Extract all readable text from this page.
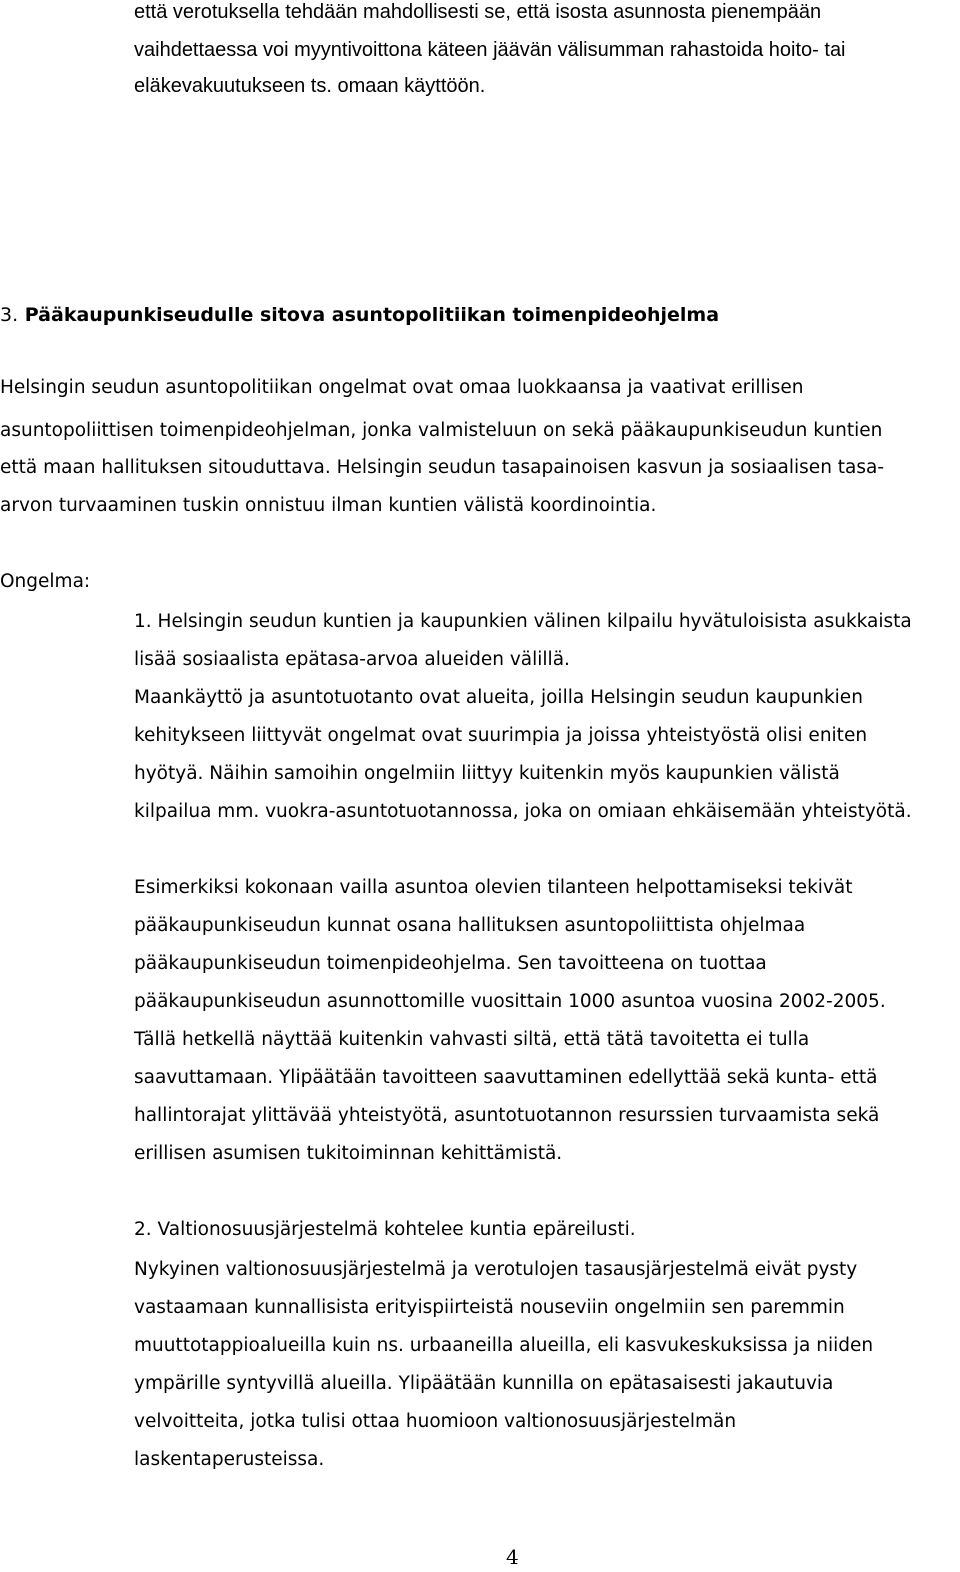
että verotuksella tehdään mahdollisesti se, että isosta asunnosta pienempään

vaihdettaessa voi myyntivoittona käteen jäävän välisumman rahastoida hoito- tai

eläkevakuutukseen ts. omaan käyttöön.

3. Pääkaupunkiseudulle sitova asuntopolitiikan toimenpideohjelma

Helsingin seudun asuntopolitiikan ongelmat ovat omaa luokkaansa ja vaativat erillisen

asuntopoliittisen toimenpideohjelman, jonka valmisteluun on sekä pääkaupunkiseudun kuntien

että maan hallituksen sitouduttava. Helsingin seudun tasapainoisen kasvun ja sosiaalisen tasa-

arvon turvaaminen tuskin onnistuu ilman kuntien välistä koordinointia.

Ongelma:

1. Helsingin seudun kuntien ja kaupunkien välinen kilpailu hyvätuloisista asukkaista

lisää sosiaalista epätasa-arvoa alueiden välillä.

Maankäyttö ja asuntotuotanto ovat alueita, joilla Helsingin seudun kaupunkien

kehitykseen liittyvät ongelmat ovat suurimpia ja joissa yhteistyöstä olisi eniten

hyötyä. Näihin samoihin ongelmiin liittyy kuitenkin myös kaupunkien välistä

kilpailua mm. vuokra-asuntotuotannossa, joka on omiaan ehkäisemään yhteistyötä.

Esimerkiksi kokonaan vailla asuntoa olevien tilanteen helpottamiseksi tekivät

pääkaupunkiseudun kunnat osana hallituksen asuntopoliittista ohjelmaa

pääkaupunkiseudun toimenpideohjelma. Sen tavoitteena on tuottaa

pääkaupunkiseudun asunnottomille vuosittain 1000 asuntoa vuosina 2002-2005.

Tällä hetkellä näyttää kuitenkin vahvasti siltä, että tätä tavoitetta ei tulla

saavuttamaan. Ylipäätään tavoitteen saavuttaminen edellyttää sekä kunta- että

hallintorajat ylittävää yhteistyötä, asuntotuotannon resurssien turvaamista sekä

erillisen asumisen tukitoiminnan kehittämistä.

2. Valtionosuusjärjestelmä kohtelee kuntia epäreilusti.

Nykyinen valtionosuusjärjestelmä ja verotulojen tasausjärjestelmä eivät pysty

vastaamaan kunnallisista erityispiirteistä nouseviin ongelmiin sen paremmin

muuttotappioalueilla kuin ns. urbaaneilla alueilla, eli kasvukeskuksissa ja niiden

ympärille syntyvillä alueilla. Ylipäätään kunnilla on epätasaisesti jakautuvia

velvoitteita, jotka tulisi ottaa huomioon valtionosuusjärjestelmän

laskentaperusteissa.

4
